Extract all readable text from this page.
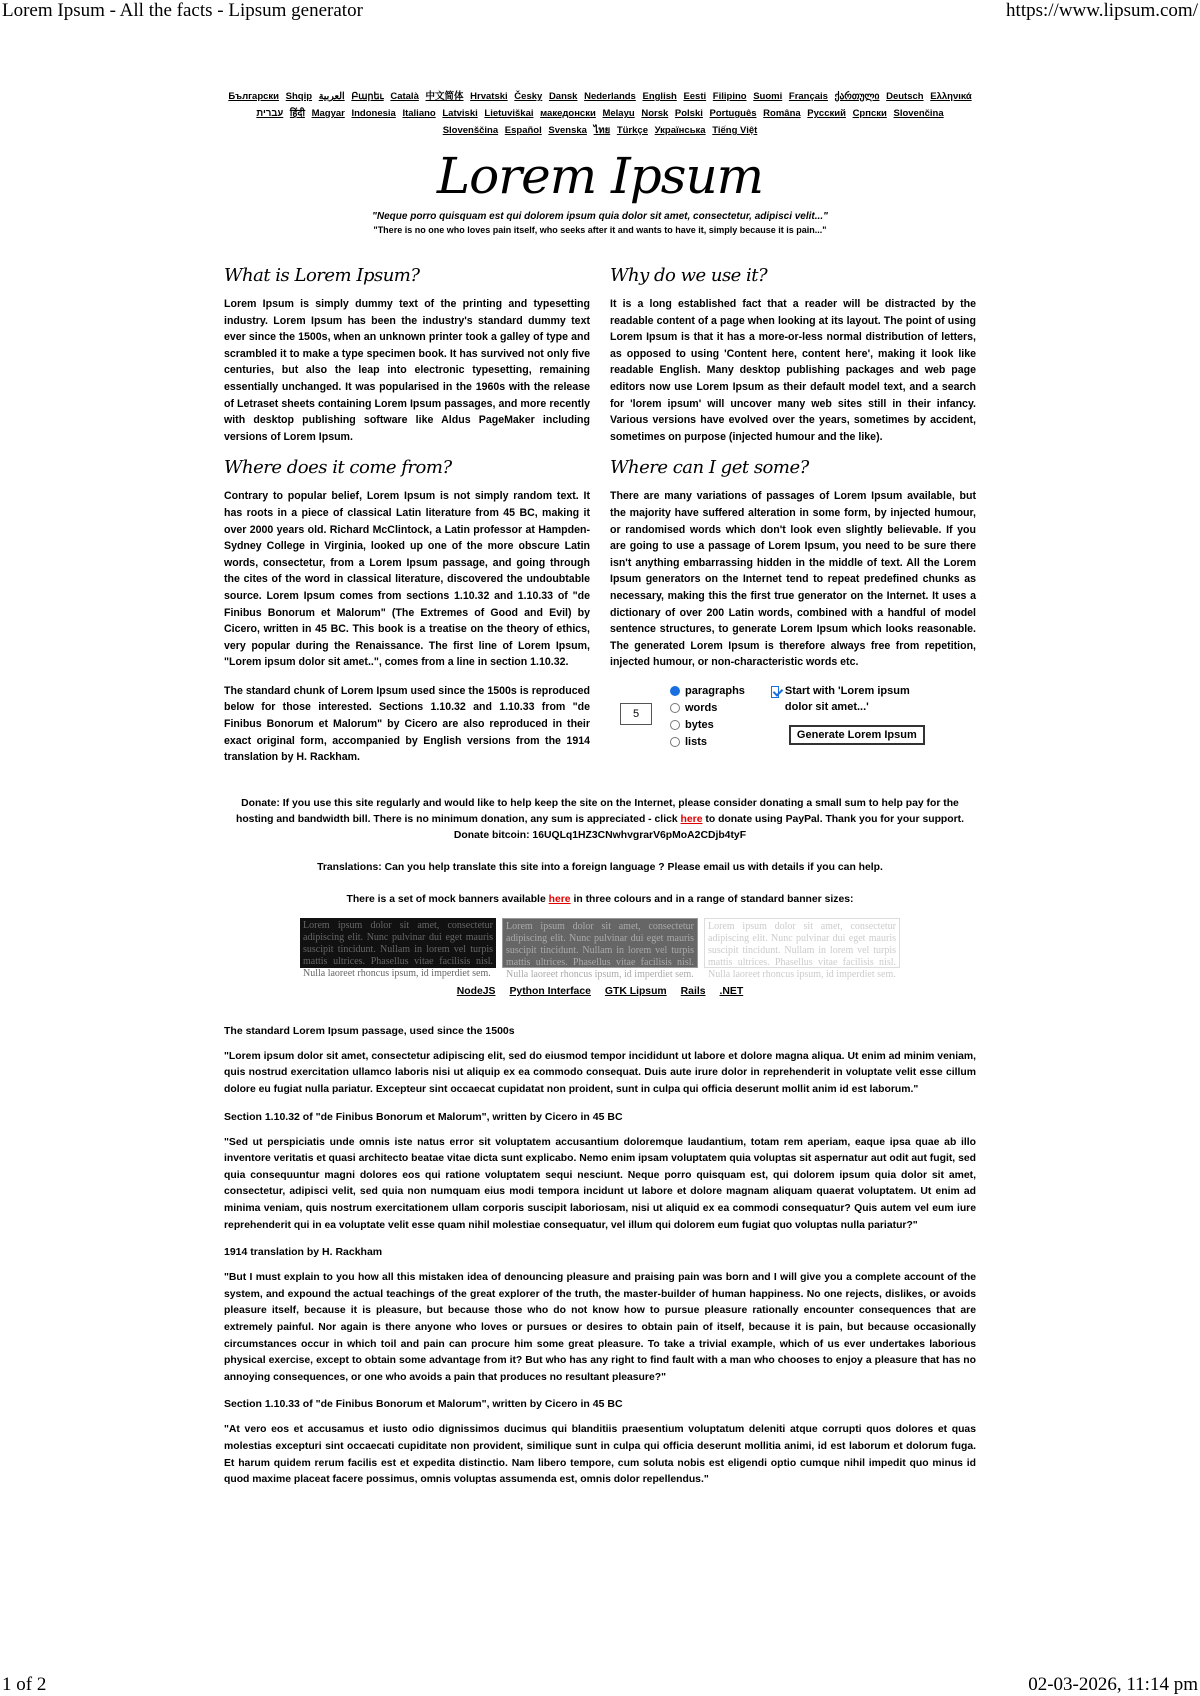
Lorem Ipsum - All the facts - Lipsum generator	https://www.lipsum.com/
Български Shqip العربية Բարեւ Català 中文简体 Hrvatski Česky Dansk Nederlands English Eesti Filipino Suomi Français ქართული Deutsch Ελληνικά עברית हिंदी Magyar Indonesia Italiano Latviski Lietuviškai македонски Melayu Norsk Polski Português Româna Pyccкий Српски Slovenčina Slovenščina Español Svenska ไทย Türkçe Українська Tiếng Việt
Lorem Ipsum
"Neque porro quisquam est qui dolorem ipsum quia dolor sit amet, consectetur, adipisci velit..."
"There is no one who loves pain itself, who seeks after it and wants to have it, simply because it is pain..."
What is Lorem Ipsum?

Lorem Ipsum is simply dummy text of the printing and typesetting industry. Lorem Ipsum has been the industry's standard dummy text ever since the 1500s, when an unknown printer took a galley of type and scrambled it to make a type specimen book. It has survived not only five centuries, but also the leap into electronic typesetting, remaining essentially unchanged. It was popularised in the 1960s with the release of Letraset sheets containing Lorem Ipsum passages, and more recently with desktop publishing software like Aldus PageMaker including versions of Lorem Ipsum.

Where does it come from?

Contrary to popular belief, Lorem Ipsum is not simply random text. It has roots in a piece of classical Latin literature from 45 BC, making it over 2000 years old. Richard McClintock, a Latin professor at Hampden-Sydney College in Virginia, looked up one of the more obscure Latin words, consectetur, from a Lorem Ipsum passage, and going through the cites of the word in classical literature, discovered the undoubtable source. Lorem Ipsum comes from sections 1.10.32 and 1.10.33 of "de Finibus Bonorum et Malorum" (The Extremes of Good and Evil) by Cicero, written in 45 BC. This book is a treatise on the theory of ethics, very popular during the Renaissance. The first line of Lorem Ipsum, "Lorem ipsum dolor sit amet..", comes from a line in section 1.10.32.

The standard chunk of Lorem Ipsum used since the 1500s is reproduced below for those interested. Sections 1.10.32 and 1.10.33 from "de Finibus Bonorum et Malorum" by Cicero are also reproduced in their exact original form, accompanied by English versions from the 1914 translation by H. Rackham.

Why do we use it?

It is a long established fact that a reader will be distracted by the readable content of a page when looking at its layout. The point of using Lorem Ipsum is that it has a more-or-less normal distribution of letters, as opposed to using 'Content here, content here', making it look like readable English. Many desktop publishing packages and web page editors now use Lorem Ipsum as their default model text, and a search for 'lorem ipsum' will uncover many web sites still in their infancy. Various versions have evolved over the years, sometimes by accident, sometimes on purpose (injected humour and the like).

Where can I get some?

There are many variations of passages of Lorem Ipsum available, but the majority have suffered alteration in some form, by injected humour, or randomised words which don't look even slightly believable. If you are going to use a passage of Lorem Ipsum, you need to be sure there isn't anything embarrassing hidden in the middle of text. All the Lorem Ipsum generators on the Internet tend to repeat predefined chunks as necessary, making this the first true generator on the Internet. It uses a dictionary of over 200 Latin words, combined with a handful of model sentence structures, to generate Lorem Ipsum which looks reasonable. The generated Lorem Ipsum is therefore always free from repetition, injected humour, or non-characteristic words etc.

5
paragraphs
words
bytes
lists
Start with 'Lorem ipsum dolor sit amet...'
Generate Lorem Ipsum

Donate: If you use this site regularly and would like to help keep the site on the Internet, please consider donating a small sum to help pay for the hosting and bandwidth bill. There is no minimum donation, any sum is appreciated - click here to donate using PayPal. Thank you for your support. Donate bitcoin: 16UQLq1HZ3CNwhvgrarV6pMoA2CDjb4tyF

Translations: Can you help translate this site into a foreign language ? Please email us with details if you can help.

There is a set of mock banners available here in three colours and in a range of standard banner sizes:

Lorem ipsum dolor sit amet, consectetur adipiscing elit. Nunc pulvinar dui eget mauris suscipit tincidunt. Nullam in lorem vel turpis mattis ultrices. Phasellus vitae facilisis nisl. Nulla laoreet rhoncus ipsum, id imperdiet sem.
Lorem ipsum dolor sit amet, consectetur adipiscing elit. Nunc pulvinar dui eget mauris suscipit tincidunt. Nullam in lorem vel turpis mattis ultrices. Phasellus vitae facilisis nisl. Nulla laoreet rhoncus ipsum, id imperdiet sem.
Lorem ipsum dolor sit amet, consectetur adipiscing elit. Nunc pulvinar dui eget mauris suscipit tincidunt. Nullam in lorem vel turpis mattis ultrices. Phasellus vitae facilisis nisl. Nulla laoreet rhoncus ipsum, id imperdiet sem.
NodeJS Python Interface GTK Lipsum Rails .NET
The standard Lorem Ipsum passage, used since the 1500s

"Lorem ipsum dolor sit amet, consectetur adipiscing elit, sed do eiusmod tempor incididunt ut labore et dolore magna aliqua. Ut enim ad minim veniam, quis nostrud exercitation ullamco laboris nisi ut aliquip ex ea commodo consequat. Duis aute irure dolor in reprehenderit in voluptate velit esse cillum dolore eu fugiat nulla pariatur. Excepteur sint occaecat cupidatat non proident, sunt in culpa qui officia deserunt mollit anim id est laborum."

Section 1.10.32 of "de Finibus Bonorum et Malorum", written by Cicero in 45 BC

"Sed ut perspiciatis unde omnis iste natus error sit voluptatem accusantium doloremque laudantium, totam rem aperiam, eaque ipsa quae ab illo inventore veritatis et quasi architecto beatae vitae dicta sunt explicabo. Nemo enim ipsam voluptatem quia voluptas sit aspernatur aut odit aut fugit, sed quia consequuntur magni dolores eos qui ratione voluptatem sequi nesciunt. Neque porro quisquam est, qui dolorem ipsum quia dolor sit amet, consectetur, adipisci velit, sed quia non numquam eius modi tempora incidunt ut labore et dolore magnam aliquam quaerat voluptatem. Ut enim ad minima veniam, quis nostrum exercitationem ullam corporis suscipit laboriosam, nisi ut aliquid ex ea commodi consequatur? Quis autem vel eum iure reprehenderit qui in ea voluptate velit esse quam nihil molestiae consequatur, vel illum qui dolorem eum fugiat quo voluptas nulla pariatur?"

1914 translation by H. Rackham

"But I must explain to you how all this mistaken idea of denouncing pleasure and praising pain was born and I will give you a complete account of the system, and expound the actual teachings of the great explorer of the truth, the master-builder of human happiness. No one rejects, dislikes, or avoids pleasure itself, because it is pleasure, but because those who do not know how to pursue pleasure rationally encounter consequences that are extremely painful. Nor again is there anyone who loves or pursues or desires to obtain pain of itself, because it is pain, but because occasionally circumstances occur in which toil and pain can procure him some great pleasure. To take a trivial example, which of us ever undertakes laborious physical exercise, except to obtain some advantage from it? But who has any right to find fault with a man who chooses to enjoy a pleasure that has no annoying consequences, or one who avoids a pain that produces no resultant pleasure?"

Section 1.10.33 of "de Finibus Bonorum et Malorum", written by Cicero in 45 BC

"At vero eos et accusamus et iusto odio dignissimos ducimus qui blanditiis praesentium voluptatum deleniti atque corrupti quos dolores et quas molestias excepturi sint occaecati cupiditate non provident, similique sunt in culpa qui officia deserunt mollitia animi, id est laborum et dolorum fuga. Et harum quidem rerum facilis est et expedita distinctio. Nam libero tempore, cum soluta nobis est eligendi optio cumque nihil impedit quo minus id quod maxime placeat facere possimus, omnis voluptas assumenda est, omnis dolor repellendus."

1 of 2	02-03-2026, 11:14 pm
